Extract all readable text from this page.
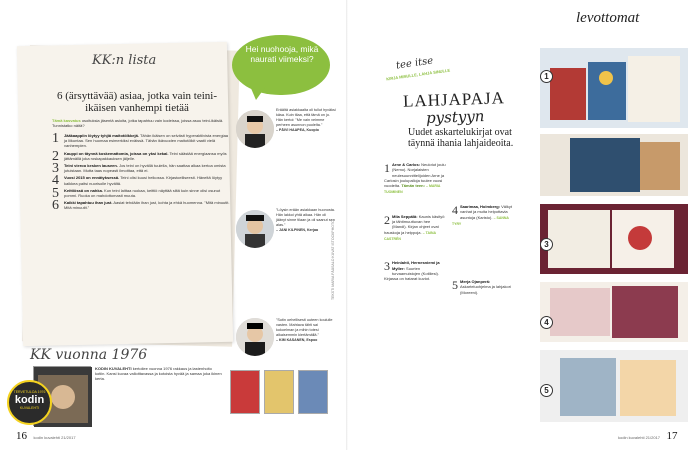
KK:n lista
6 (ärsyttävää) asiaa, jotka vain teini-ikäisen vanhempi tietää
Tämä kasvatus osoituksia jäsentä asioita, jotka tapahtuu vain kodeissa, joissa asuu teini-ikäisiä. Tunnistatko näitä?
1 Jääkaappiin löytyy tyhjiä maitotölkkejä. Tähän ikäisen on selvästi hyperaktiivista energiaa ja liikuntaa. Sen huomaa esimerkiksi eväissä. Tähän ikävuoden maitotölkit vaatii vielä vanhempien.
2 Kauppi on täynnä koskemattomia, joissa on yksi kekal. Teini säästää energiaansa myös jättämällä joka roskapakkauksen jäljelle.
3 Teini vieroo kesken lauseen. Jos teini on hyvällä tuulella, hän saattaa alkaa kertoa omista jutuistaan. Mutta taas nopeasti ilmoittaa, että ei.
4 Vuosi 2015 on ennätyksessä. Teini olisi kuusi heikossa. Kirjastoelliseesti. Häneltä löytyy kaikkea paitsi nuorisolle hyvältä.
5 Keittiössä on nahka. Kun teini laittaa ruokaa, keittiö näyttää siltä kuin sinne olisi osunut pommi. Ruoka on mahdottomasti muuta.
6 Kaikki tapahtuu ihan just. Aasiat tehdään ihan just, kohta ja ehkä huomenna. "Mitä minuutit. Mitä minuutit."
Hei nuohooja, mikä naurati viimeksi?
Eräältä asiakkaalta oli tullut hyväksi käsa. Kuin tilaa, että tämä on jo. Hän kertoi: "Me vain veimme perheen asunnon puolelta."
– PÄIVI HAAPEA, Kuopio
"Löysin erään asiakkaan huonosta. Hän lakkoi yhtä aikaa. Hän oli jäänyt sinne tilaan ja oli saanut sen alas."
– JANI KILPINEN, Kerjaa
"Sotin oehellisesti uuteen koululle vasten. Mahtava tähti sai kokoelman ja mihin totesi aikaisemmin kiertämällä."
– KIM KASANEN, Espoo
TEKSTI MARIA PÄÄSALO KUVAT ISTOCKPHOTO
KK vuonna 1976
TERVETULOA 1976
kodin
KUVALEHTI
KODIN KUVALEHTI kertoilee vuonna 1976 rakkaus ja lastenhoito kotiin. Kansi kuvaa valloittavassa ja kotoista hyvää ja samaa joka ikinen kerta.
16 kodin kuvalehti 21/2017
levottomat
tee itse
KIRJA MINULLE, LAHJA SINULLE
LAHJAPAJA
pystyyn
Uudet askartelukirjat ovat täynnä ihania lahjaideoita.
1 Arne & Carlos: Neulotut joulu (Nemo). Norjalaisten neulesuunnittelijoiden Arne ja Carlosin joulupalloja tuulee vuosi vuodelta. Tämän teen: – MARIA TUOMINEN
2 Mila Seppälä: Kaunis käsityö ja tähtimuuttuvan hee (Mandi). Kirjan ohjeet ovat hauskoja ja helppoja. – TAINA CASTRÉN
3 Heinlahti, Hernesniemi ja Myller: Suurten turvaamuistojen (Kotiliesi). Kirjassa on hatarat kuviot.
4 Saarimaa, Holmberg: Välkyt vanhat ja muita helpottavia asuntoja (Karisto). – SANNA TYRY
5 Merja Ojanperä: Askarteluohjelma ja lahjakori (Moreeni).
1
3
4
5
kodin kuvalehti 21/2017 17
